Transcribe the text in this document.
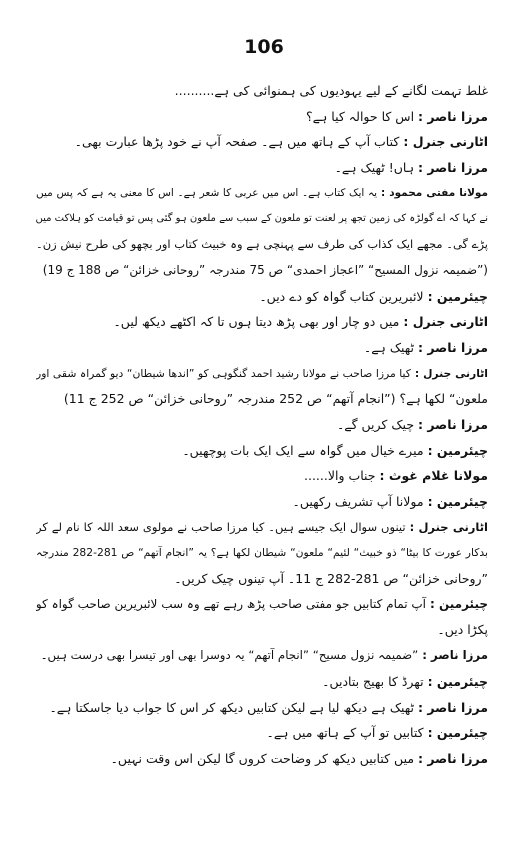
106
غلط تہمت لگانے کے لیے یہودیوں کی ہمنوائی کی ہے..........
مرزا ناصر :اس کا حوالہ کیا ہے؟
اٹارنی جنرل :کتاب آپ کے ہاتھ میں ہے۔ صفحہ آپ نے خود پڑھا عبارت بھی۔
مرزا ناصر :ہاں! ٹھیک ہے۔
مولانا مفتی محمود :یہ ایک کتاب ہے۔ اس میں عربی کا شعر ہے۔ اس کا معنی یہ ہے کہ پس میں
نے کہا کہ اے گولڑہ کی زمین تجھ پر لعنت تو ملعون کے سبب سے ملعون ہو گئی پس تو قیامت کو ہلاکت میں
پڑے گی۔ مجھے ایک کذاب کی طرف سے پہنچی ہے وہ خبیث کتاب اور بچھو کی طرح نیش زن۔
(”ضمیمہ نزول المسیح“ ”اعجاز احمدی“ ص 75 مندرجہ ”روحانی خزائن“ ص 188 ج 19)
چیئرمین :لائبریرین کتاب گواہ کو دے دیں۔
اٹارنی جنرل :میں دو چار اور بھی پڑھ دیتا ہوں تا کہ اکٹھے دیکھ لیں۔
مرزا ناصر :ٹھیک ہے۔
اٹارنی جنرل :کیا مرزا صاحب نے مولانا رشید احمد گنگوہی کو ”اندھا شیطان“ دیو گمراہ شقی اور
ملعون“ لکھا ہے؟ (”انجام آتھم“ ص 252 مندرجہ ”روحانی خزائن“ ص 252 ج 11)
مرزا ناصر :چیک کریں گے۔
چیئرمین :میرے خیال میں گواہ سے ایک ایک بات پوچھیں۔
مولانا غلام غوث :جناب والا......
چیئرمین :مولانا آپ تشریف رکھیں۔
اٹارنی جنرل :تینوں سوال ایک جیسے ہیں۔ کیا مرزا صاحب نے مولوی سعد اللہ کا نام لے کر
بدکار عورت کا بیٹا“ ذو خبیث“ لئیم“ ملعون“ شیطان لکھا ہے؟ یہ ”انجام آتھم“ ص 281-282 مندرجہ
”روحانی خزائن“ ص 281-282 ج 11۔ آپ تینوں چیک کریں۔
چیئرمین :آپ تمام کتابیں جو مفتی صاحب پڑھ رہے تھے وہ سب لائبریرین صاحب گواہ کو
پکڑا دیں۔
مرزا ناصر :”ضمیمہ نزول مسیح“ ”انجام آتھم“ یہ دوسرا بھی اور تیسرا بھی درست ہیں۔
چیئرمین :تھرڈ کا بھیج بتادیں۔
مرزا ناصر :ٹھیک ہے دیکھ لیا ہے لیکن کتابیں دیکھ کر اس کا جواب دیا جاسکتا ہے۔
چیئرمین :کتابیں تو آپ کے ہاتھ میں ہے۔
مرزا ناصر :میں کتابیں دیکھ کر وضاحت کروں گا لیکن اس وقت نہیں۔
